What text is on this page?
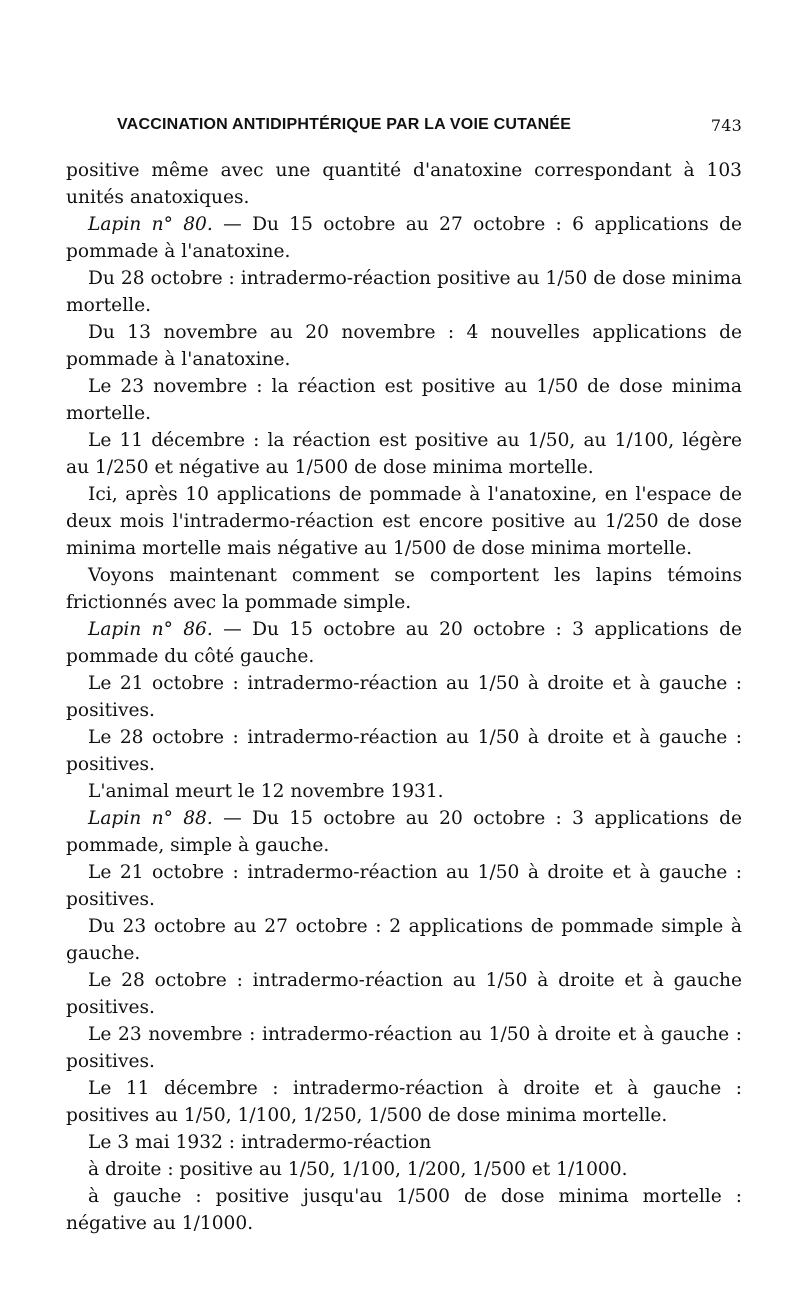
VACCINATION ANTIDIPHTÉRIQUE PAR LA VOIE CUTANÉE	743

positive même avec une quantité d'anatoxine correspondant à 103 unités anatoxiques.

Lapin n° 80. — Du 15 octobre au 27 octobre : 6 applications de pommade à l'anatoxine.

Du 28 octobre : intradermo-réaction positive au 1/50 de dose minima mortelle.

Du 13 novembre au 20 novembre : 4 nouvelles applications de pommade à l'anatoxine.

Le 23 novembre : la réaction est positive au 1/50 de dose minima mortelle.

Le 11 décembre : la réaction est positive au 1/50, au 1/100, légère au 1/250 et négative au 1/500 de dose minima mortelle.

Ici, après 10 applications de pommade à l'anatoxine, en l'espace de deux mois l'intradermo-réaction est encore positive au 1/250 de dose minima mortelle mais négative au 1/500 de dose minima mortelle.

Voyons maintenant comment se comportent les lapins témoins frictionnés avec la pommade simple.

Lapin n° 86. — Du 15 octobre au 20 octobre : 3 applications de pommade du côté gauche.

Le 21 octobre : intradermo-réaction au 1/50 à droite et à gauche : positives.

Le 28 octobre : intradermo-réaction au 1/50 à droite et à gauche : positives.

L'animal meurt le 12 novembre 1931.

Lapin n° 88. — Du 15 octobre au 20 octobre : 3 applications de pommade, simple à gauche.

Le 21 octobre : intradermo-réaction au 1/50 à droite et à gauche : positives.

Du 23 octobre au 27 octobre : 2 applications de pommade simple à gauche.

Le 28 octobre : intradermo-réaction au 1/50 à droite et à gauche positives.

Le 23 novembre : intradermo-réaction au 1/50 à droite et à gauche : positives.

Le 11 décembre : intradermo-réaction à droite et à gauche : positives au 1/50, 1/100, 1/250, 1/500 de dose minima mortelle.

Le 3 mai 1932 : intradermo-réaction

à droite : positive au 1/50, 1/100, 1/200, 1/500 et 1/1000.

à gauche : positive jusqu'au 1/500 de dose minima mortelle : négative au 1/1000.
